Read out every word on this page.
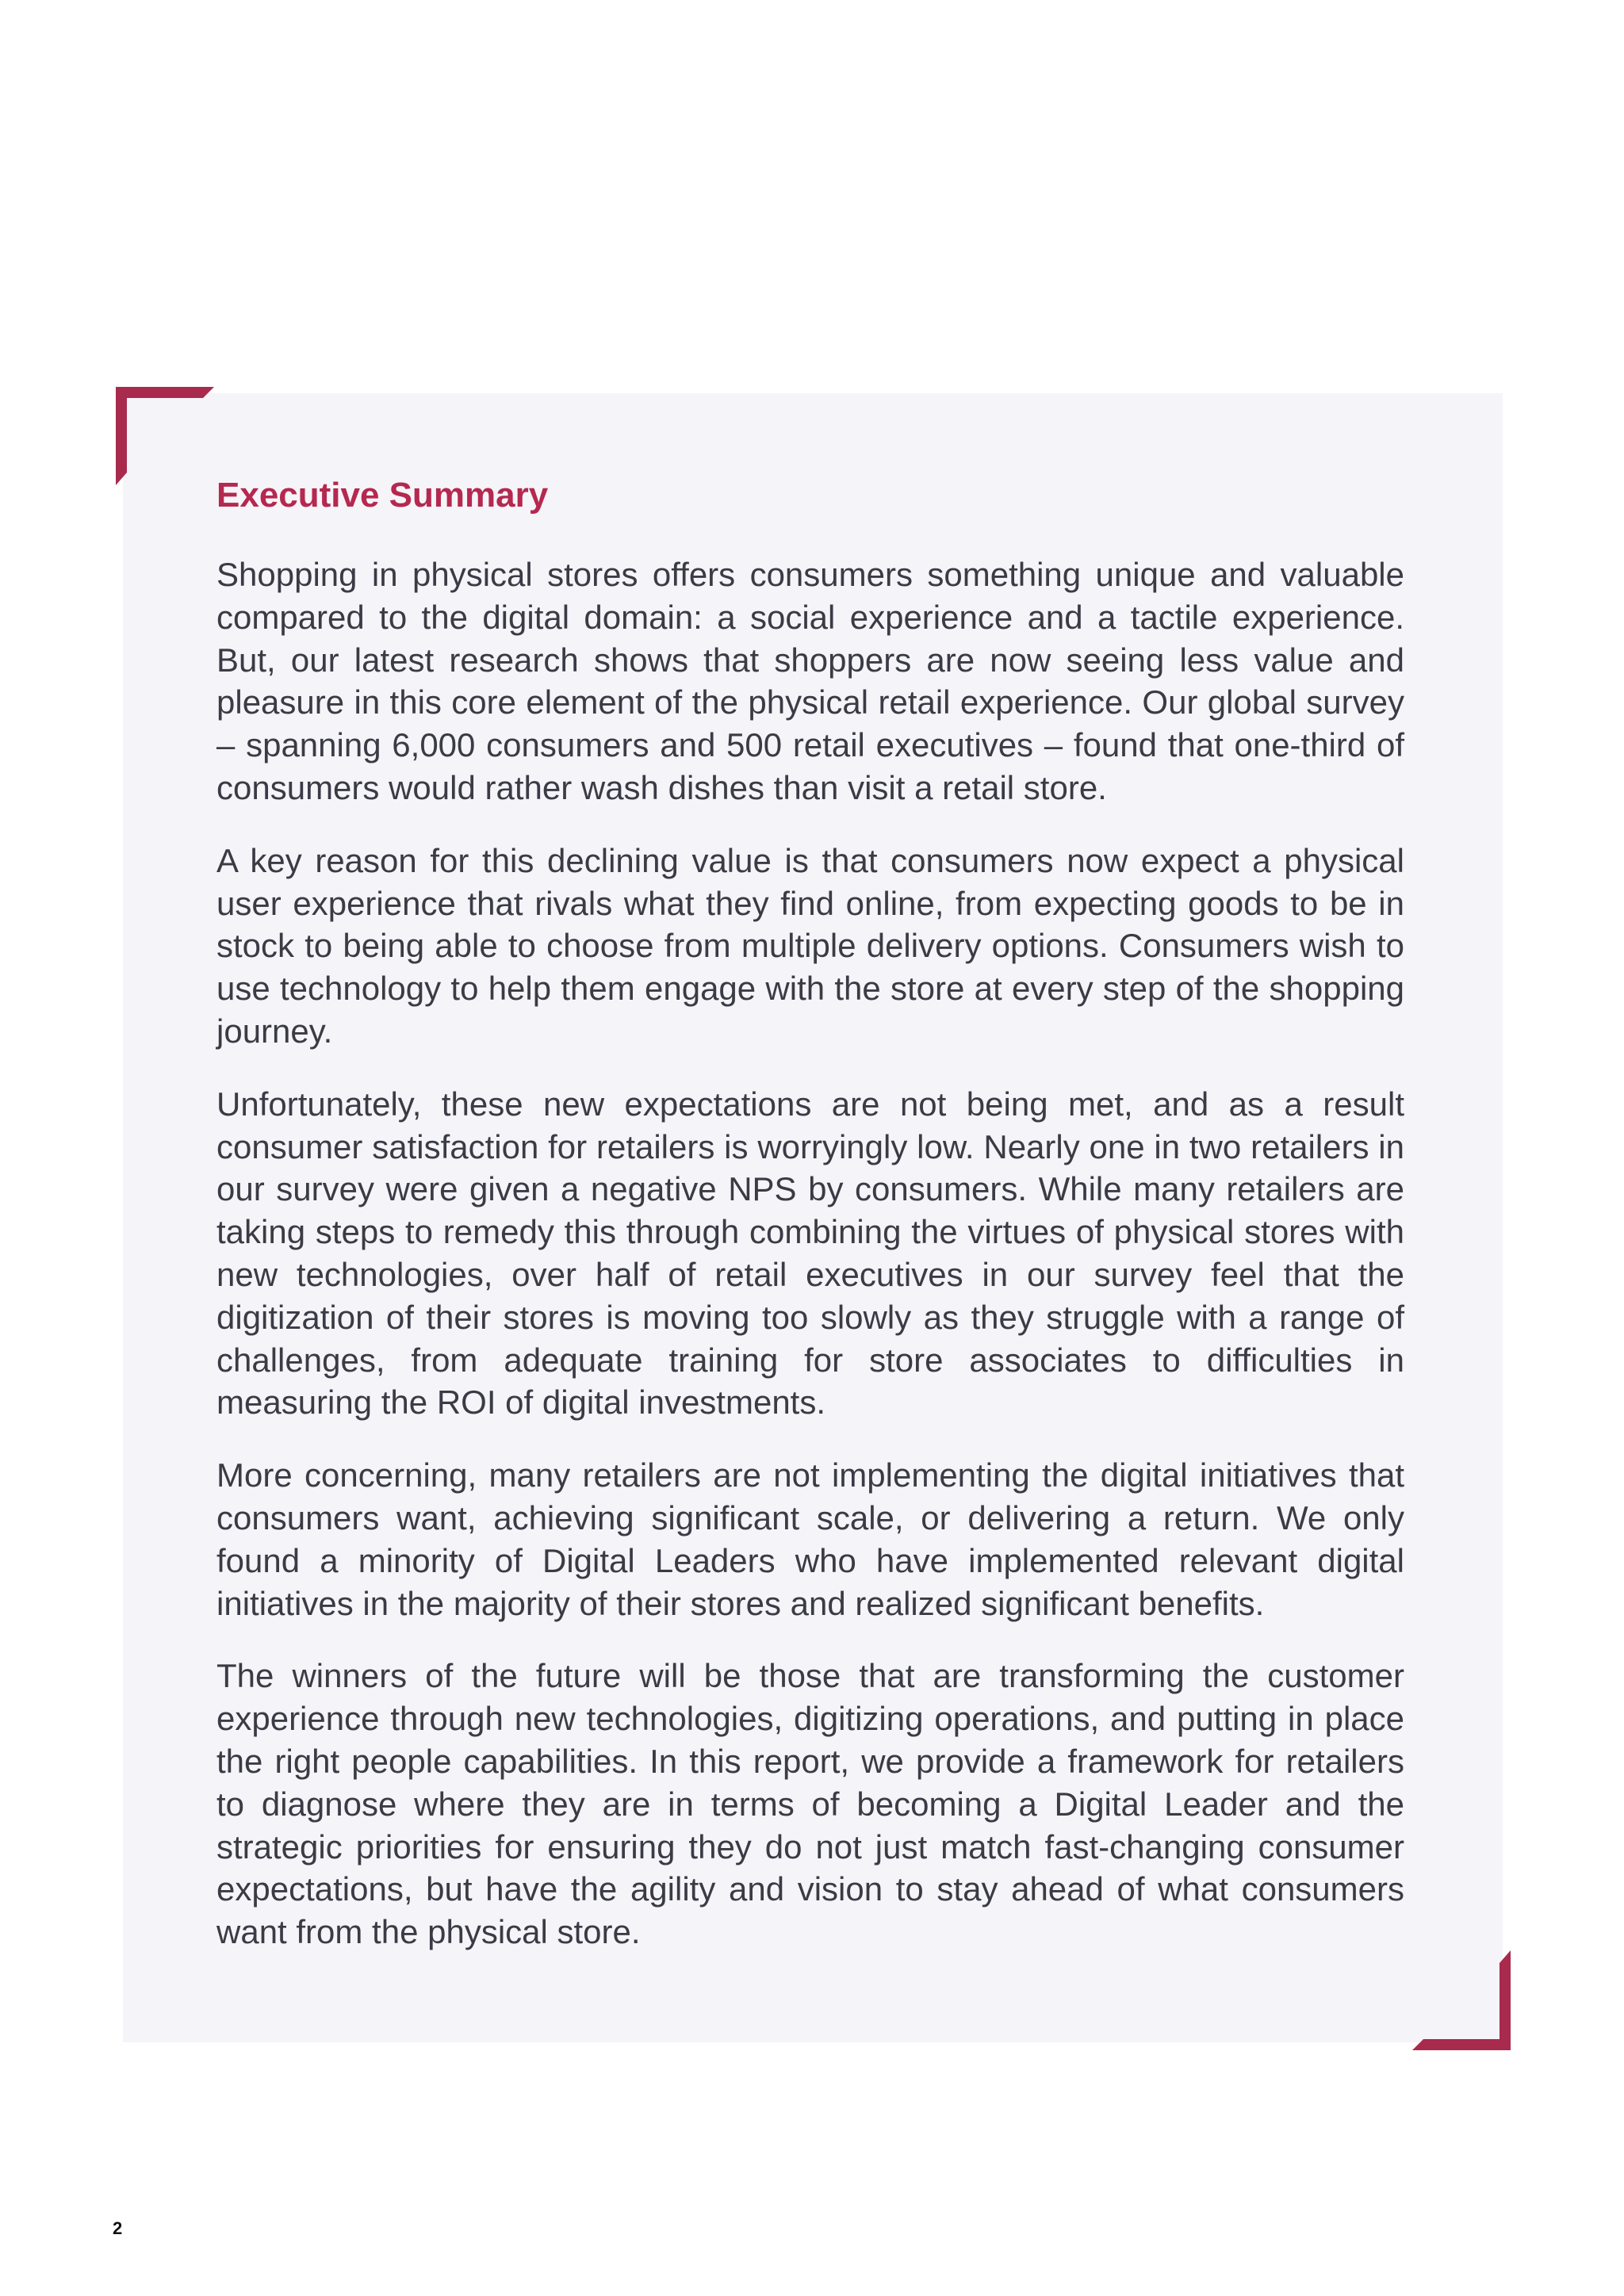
Executive Summary

Shopping in physical stores offers consumers something unique and valuable compared to the digital domain: a social experience and a tactile experience. But, our latest research shows that shoppers are now seeing less value and pleasure in this core element of the physical retail experience. Our global survey – spanning 6,000 consumers and 500 retail executives – found that one-third of consumers would rather wash dishes than visit a retail store.

A key reason for this declining value is that consumers now expect a physical user experience that rivals what they find online, from expecting goods to be in stock to being able to choose from multiple delivery options. Consumers wish to use technology to help them engage with the store at every step of the shopping journey.

Unfortunately, these new expectations are not being met, and as a result consumer satisfaction for retailers is worryingly low. Nearly one in two retailers in our survey were given a negative NPS by consumers. While many retailers are taking steps to remedy this through combining the virtues of physical stores with new technologies, over half of retail executives in our survey feel that the digitization of their stores is moving too slowly as they struggle with a range of challenges, from adequate training for store associates to difficulties in measuring the ROI of digital investments.

More concerning, many retailers are not implementing the digital initiatives that consumers want, achieving significant scale, or delivering a return. We only found a minority of Digital Leaders who have implemented relevant digital initiatives in the majority of their stores and realized significant benefits.

The winners of the future will be those that are transforming the customer experience through new technologies, digitizing operations, and putting in place the right people capabilities. In this report, we provide a framework for retailers to diagnose where they are in terms of becoming a Digital Leader and the strategic priorities for ensuring they do not just match fast-changing consumer expectations, but have the agility and vision to stay ahead of what consumers want from the physical store.

2
